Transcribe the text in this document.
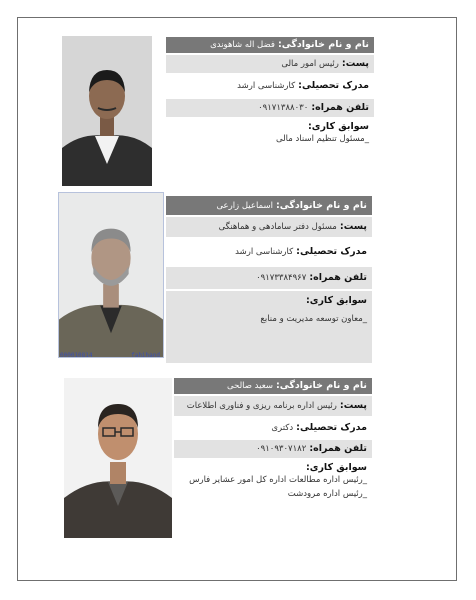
نام و نام خانوادگی: فضل اله شاهوندی
پست: رئیس امور مالی
مدرک تحصیلی: کارشناسی ارشد
تلفن همراه: ۰۹۱۷۱۳۸۸۰۳۰
سوابق کاری:
_مسئول تنظیم اسناد مالی
000010814	fahihand
نام و نام خانوادگی: اسماعیل زارعی
پست: مسئول دفتر سامادهی و هماهنگی
مدرک تحصیلی: کارشناسی ارشد
تلفن همراه: ۰۹۱۷۳۳۸۴۹۶۷
سوابق کاری:
_معاون توسعه مدیریت و منابع
نام و نام خانوادگی: سعید صالحی
پست: رئیس اداره برنامه ریزی و فناوری اطلاعات
مدرک تحصیلی: دکتری
تلفن همراه: ۰۹۱۰۹۳۰۷۱۸۲
سوابق کاری:
_رئیس اداره مطالعات اداره کل امور عشایر فارس
_رئیس اداره مرودشت
